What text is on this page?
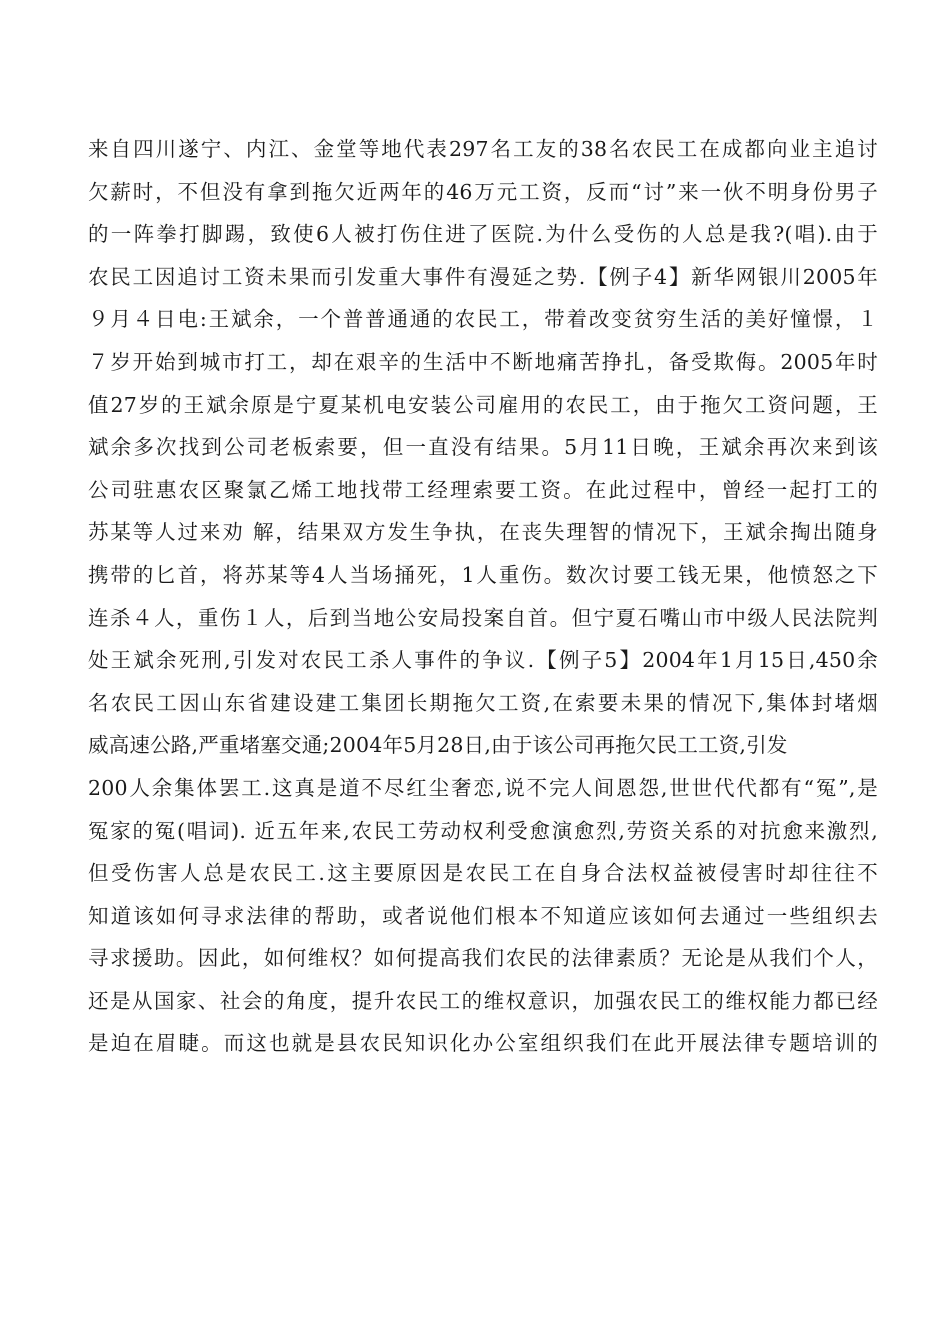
来自四川遂宁、内江、金堂等地代表297名工友的38名农民工在成都向业主追讨
欠薪时，不但没有拿到拖欠近两年的46万元工资，反而“讨”来一伙不明身份男子
的一阵拳打脚踢，致使6人被打伤住进了医院.为什么受伤的人总是我?(唱).由于
农民工因追讨工资未果而引发重大事件有漫延之势.【例子4】新华网银川2005年
９月４日电:王斌余，一个普普通通的农民工，带着改变贫穷生活的美好憧憬，１
７岁开始到城市打工，却在艰辛的生活中不断地痛苦挣扎，备受欺侮。2005年时
值27岁的王斌余原是宁夏某机电安装公司雇用的农民工，由于拖欠工资问题，王
斌余多次找到公司老板索要，但一直没有结果。5月11日晚，王斌余再次来到该
公司驻惠农区聚氯乙烯工地找带工经理索要工资。在此过程中，曾经一起打工的
苏某等人过来劝 解，结果双方发生争执，在丧失理智的情况下，王斌余掏出随身
携带的匕首，将苏某等4人当场捅死，1人重伤。数次讨要工钱无果，他愤怒之下
连杀４人，重伤１人，后到当地公安局投案自首。但宁夏石嘴山市中级人民法院判
处王斌余死刑,引发对农民工杀人事件的争议.【例子5】2004年1月15日,450余
名农民工因山东省建设建工集团长期拖欠工资,在索要未果的情况下,集体封堵烟
威高速公路,严重堵塞交通;2004年5月28日,由于该公司再拖欠民工工资,引发
200人余集体罢工.这真是道不尽红尘奢恋,说不完人间恩怨,世世代代都有“冤”,是
冤家的冤(唱词). 近五年来,农民工劳动权利受愈演愈烈,劳资关系的对抗愈来激烈,
但受伤害人总是农民工.这主要原因是农民工在自身合法权益被侵害时却往往不
知道该如何寻求法律的帮助，或者说他们根本不知道应该如何去通过一些组织去
寻求援助。因此，如何维权？如何提高我们农民的法律素质？无论是从我们个人，
还是从国家、社会的角度，提升农民工的维权意识，加强农民工的维权能力都已经
是迫在眉睫。而这也就是县农民知识化办公室组织我们在此开展法律专题培训的
